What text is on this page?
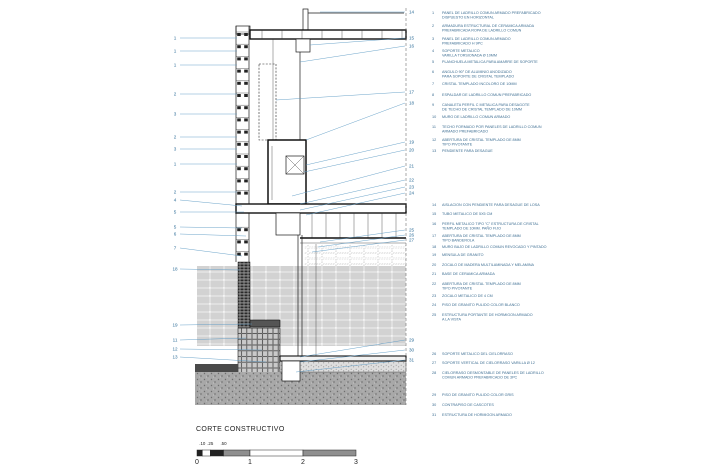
1
1
1
2
3
2
3
1
2
4
5
5
6
7
18
19
11
12
13
14
15
16
17
18
19
20
21
22
23
24
25
26
27
29
30
31
1 PANEL DE LADRILLO COMUN ARMADO PREFABRICADO
DISPUESTO EN HORIZONTAL
2 ARMADURA ESTRUCTURAL DE CERAMICA ARMADA
PREFABRICADA ROPA DE LADRILLO COMUN
3 PANEL DE LADRILLO COMUN ARMADO
PREFABRICADO H 9PC
4 SOPORTE METALICO
VARILLA TORSIONADA Ø 10MM
5 PLANCHUELA METALICA PARA AMARRE DE SOPORTE
6 ANGULO 90° DE ALUMINIO ANODIZADO
PARA SOPORTE DE CRISTAL TEMPLADO
7 CRISTAL TEMPLADO INCOLORO DE 10MM
8 ESPALDAR DE LADRILLO COMUN PREFABRICADO
9 CANALETA PERFIL C METALICA PARA DESAGOTE
DE TECHO DE CRISTAL TEMPLADO DE 10MM
10 MURO DE LADRILLO COMUN ARMADO
11 TECHO FORMADO POR PANELES DE LADRILLO COMUN
ARMADO PREFABRICADO
12 ABERTURA DE CRISTAL TEMPLADO DE 8MM
TIPO PIVOTANTE
13 PENDIENTE PARA DESAGUE
14 AISLACION CON PENDIENTE PARA DESAGUE DE LOSA
15 TUBO METALICO DE 5X5 CM
16 PERFIL METALICO TIPO "C" ESTRUCTURA DE CRISTAL
TEMPLADO DE 10MM. PAÑO FIJO
17 ABERTURA DE CRISTAL TEMPLADO DE 8MM
TIPO BANDEROLA
18 MURO BAJO DE LADRILLO COMUN REVOCADO Y PINTADO
19 MENSULA DE GRANITO
20 ZOCALO DE MADERA MULTILAMINADA Y MELAMINA
21 BASE DE CERAMICA ARMADA
22 ABERTURA DE CRISTAL TEMPLADO DE 8MM
TIPO PIVOTANTE
23 ZOCALO METALICO DE 4 CM
24 PISO DE GRANITO PULIDO COLOR BLANCO
25 ESTRUCTURA PORTANTE DE HORMIGON ARMADO
A LA VISTA
26 SOPORTE METALICO DEL CIELORRASO
27 SOPORTE VERTICAL DE CIELORRASO VARILLA Ø 12
28 CIELORRASO DESMONTABLE DE PANELES DE LADRILLO
COMUN ARMADO PREFABRICADO DE 3PC
29 PISO DE GRANITO PULIDO COLOR GRIS
30 CONTRAPISO DE CASCOTES
31 ESTRUCTURA DE HORMIGON ARMADO
CORTE CONSTRUCTIVO
.10 .25 .50
0	1	2	3
